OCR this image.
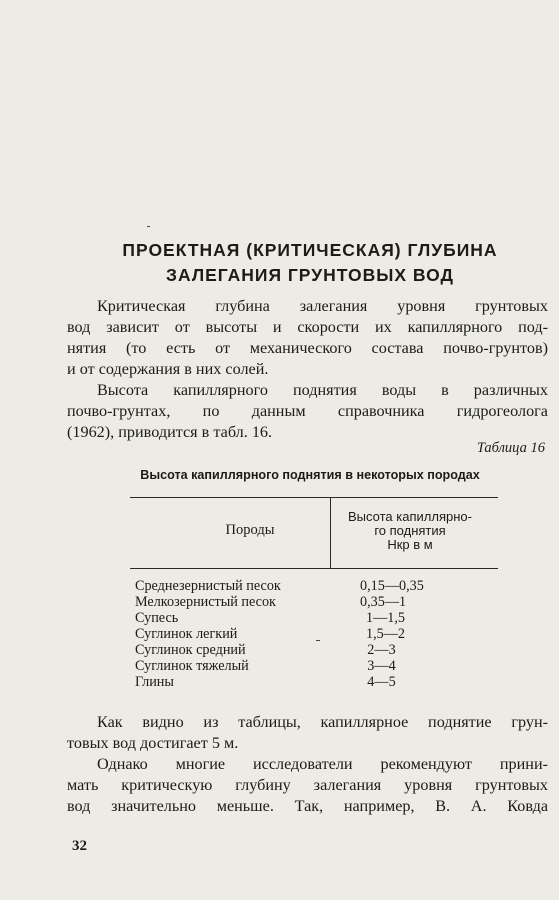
ПРОЕКТНАЯ (КРИТИЧЕСКАЯ) ГЛУБИНА
ЗАЛЕГАНИЯ ГРУНТОВЫХ ВОД
Критическая глубина залегания уровня грунтовых
вод зависит от высоты и скорости их капиллярного под-
нятия (то есть от механического состава почво-грунтов)
и от содержания в них солей.
Высота капиллярного поднятия воды в различных
почво-грунтах, по данным справочника гидрогеолога
(1962), приводится в табл. 16.
Таблица 16
Высота капиллярного поднятия в некоторых породах
Породы
Высота капиллярно-
го поднятия
Hкр в м
Среднезернистый песок	0,15—0,35
Мелкозернистый песок	0,35—1
Супесь	1—1,5
Суглинок легкий	1,5—2
Суглинок средний	2—3
Суглинок тяжелый	3—4
Глины	4—5
Как видно из таблицы, капиллярное поднятие грун-
товых вод достигает 5 м.
Однако многие исследователи рекомендуют прини-
мать критическую глубину залегания уровня грунтовых
вод значительно меньше. Так, например, В. А. Ковда
32
